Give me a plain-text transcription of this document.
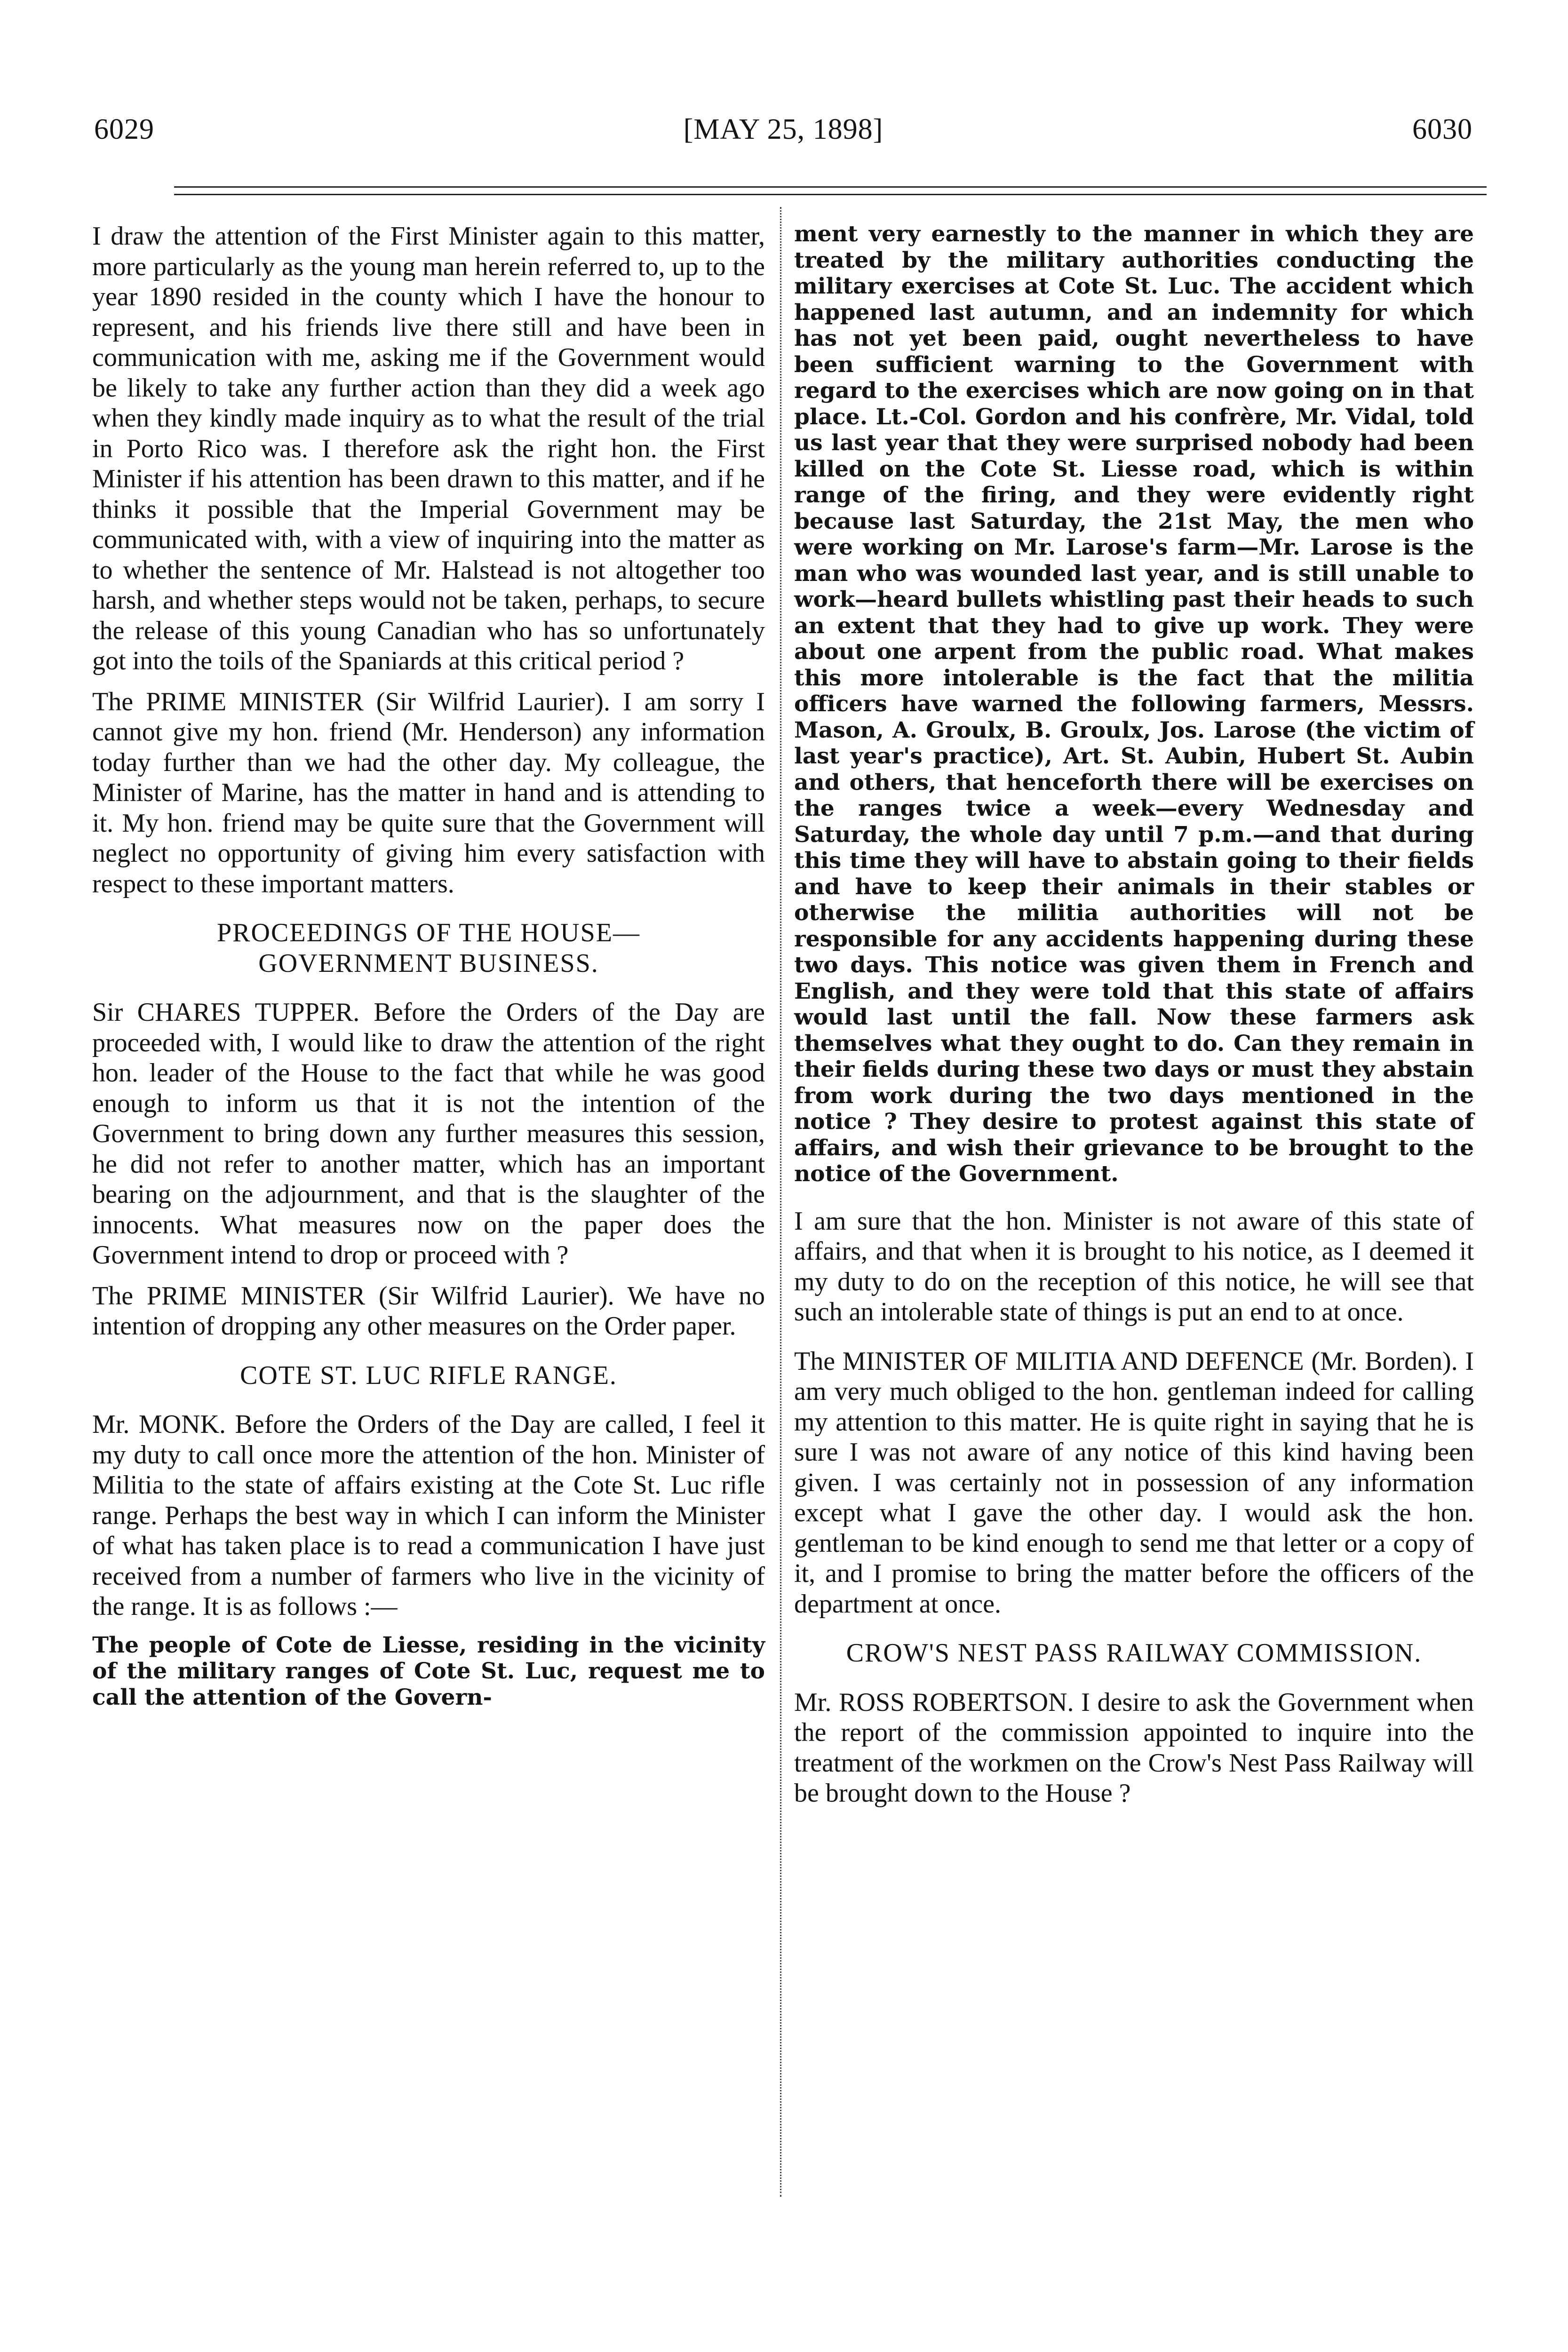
6029	[MAY 25, 1898]	6030

I draw the attention of the First Minister again to this matter, more particularly as the young man herein referred to, up to the year 1890 resided in the county which I have the honour to represent, and his friends live there still and have been in communication with me, asking me if the Government would be likely to take any further action than they did a week ago when they kindly made inquiry as to what the result of the trial in Porto Rico was. I therefore ask the right hon. the First Minister if his attention has been drawn to this matter, and if he thinks it possible that the Imperial Government may be communicated with, with a view of inquiring into the matter as to whether the sentence of Mr. Halstead is not altogether too harsh, and whether steps would not be taken, perhaps, to secure the release of this young Canadian who has so unfortunately got into the toils of the Spaniards at this critical period ?

The PRIME MINISTER (Sir Wilfrid Laurier). I am sorry I cannot give my hon. friend (Mr. Henderson) any information today further than we had the other day. My colleague, the Minister of Marine, has the matter in hand and is attending to it. My hon. friend may be quite sure that the Government will neglect no opportunity of giving him every satisfaction with respect to these important matters.

PROCEEDINGS OF THE HOUSE—
GOVERNMENT BUSINESS.

Sir CHARES TUPPER. Before the Orders of the Day are proceeded with, I would like to draw the attention of the right hon. leader of the House to the fact that while he was good enough to inform us that it is not the intention of the Government to bring down any further measures this session, he did not refer to another matter, which has an important bearing on the adjournment, and that is the slaughter of the innocents. What measures now on the paper does the Government intend to drop or proceed with ?

The PRIME MINISTER (Sir Wilfrid Laurier). We have no intention of dropping any other measures on the Order paper.

COTE ST. LUC RIFLE RANGE.

Mr. MONK. Before the Orders of the Day are called, I feel it my duty to call once more the attention of the hon. Minister of Militia to the state of affairs existing at the Cote St. Luc rifle range. Perhaps the best way in which I can inform the Minister of what has taken place is to read a communication I have just received from a number of farmers who live in the vicinity of the range. It is as follows :—

The people of Cote de Liesse, residing in the vicinity of the military ranges of Cote St. Luc, request me to call the attention of the Govern-

ment very earnestly to the manner in which they are treated by the military authorities conducting the military exercises at Cote St. Luc. The accident which happened last autumn, and an indemnity for which has not yet been paid, ought nevertheless to have been sufficient warning to the Government with regard to the exercises which are now going on in that place. Lt.-Col. Gordon and his confrère, Mr. Vidal, told us last year that they were surprised nobody had been killed on the Cote St. Liesse road, which is within range of the firing, and they were evidently right because last Saturday, the 21st May, the men who were working on Mr. Larose's farm—Mr. Larose is the man who was wounded last year, and is still unable to work—heard bullets whistling past their heads to such an extent that they had to give up work. They were about one arpent from the public road. What makes this more intolerable is the fact that the militia officers have warned the following farmers, Messrs. Mason, A. Groulx, B. Groulx, Jos. Larose (the victim of last year's practice), Art. St. Aubin, Hubert St. Aubin and others, that henceforth there will be exercises on the ranges twice a week—every Wednesday and Saturday, the whole day until 7 p.m.—and that during this time they will have to abstain going to their fields and have to keep their animals in their stables or otherwise the militia authorities will not be responsible for any accidents happening during these two days. This notice was given them in French and English, and they were told that this state of affairs would last until the fall. Now these farmers ask themselves what they ought to do. Can they remain in their fields during these two days or must they abstain from work during the two days mentioned in the notice ? They desire to protest against this state of affairs, and wish their grievance to be brought to the notice of the Government.

I am sure that the hon. Minister is not aware of this state of affairs, and that when it is brought to his notice, as I deemed it my duty to do on the reception of this notice, he will see that such an intolerable state of things is put an end to at once.

The MINISTER OF MILITIA AND DEFENCE (Mr. Borden). I am very much obliged to the hon. gentleman indeed for calling my attention to this matter. He is quite right in saying that he is sure I was not aware of any notice of this kind having been given. I was certainly not in possession of any information except what I gave the other day. I would ask the hon. gentleman to be kind enough to send me that letter or a copy of it, and I promise to bring the matter before the officers of the department at once.

CROW'S NEST PASS RAILWAY COMMISSION.

Mr. ROSS ROBERTSON. I desire to ask the Government when the report of the commission appointed to inquire into the treatment of the workmen on the Crow's Nest Pass Railway will be brought down to the House ?
